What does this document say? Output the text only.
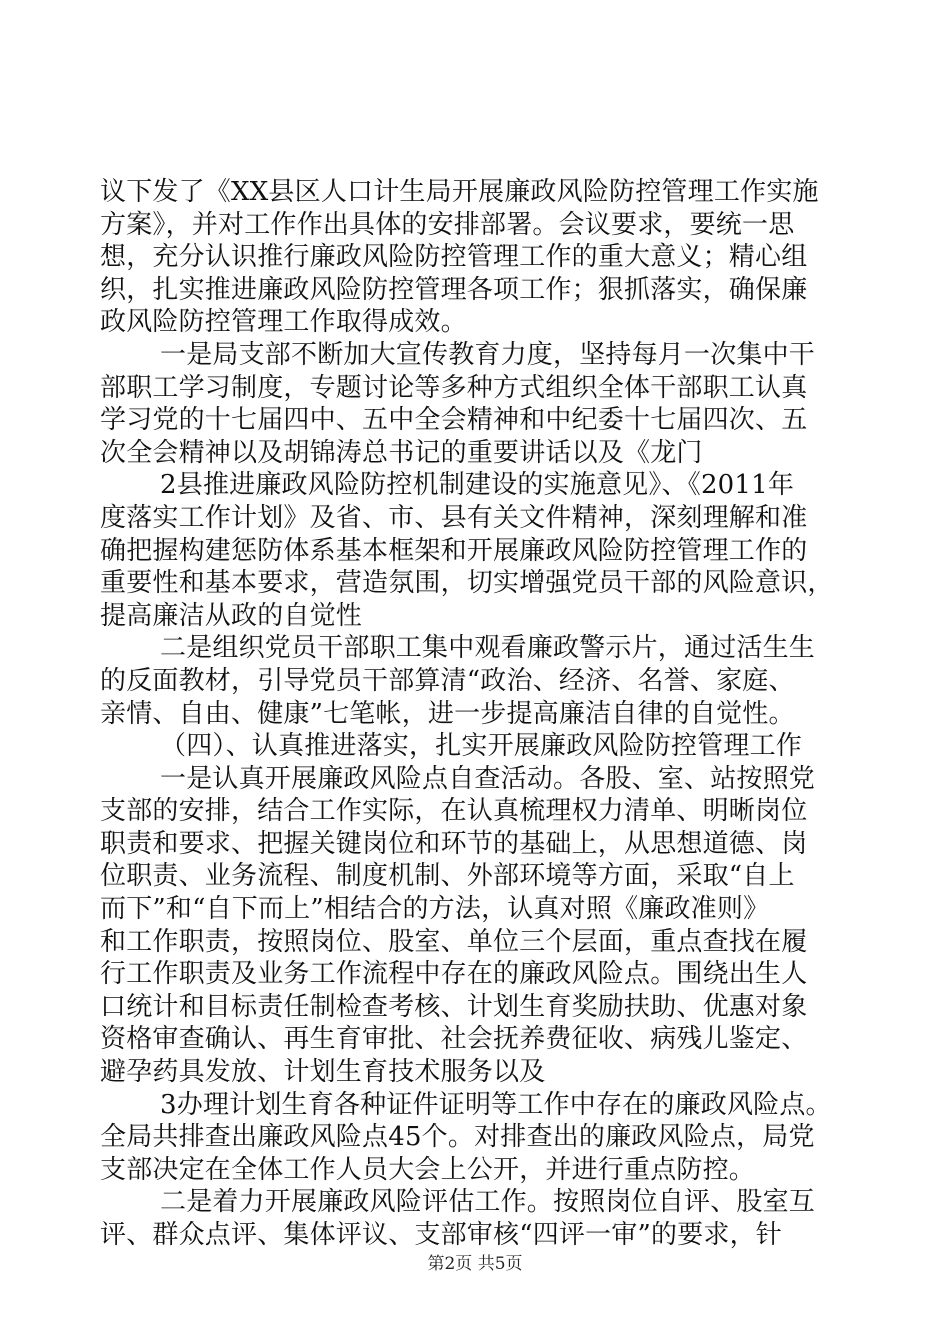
议下发了《XX县区人口计生局开展廉政风险防控管理工作实施
方案》，并对工作作出具体的安排部署。会议要求，要统一思
想，充分认识推行廉政风险防控管理工作的重大意义；精心组
织，扎实推进廉政风险防控管理各项工作；狠抓落实，确保廉
政风险防控管理工作取得成效。
一是局支部不断加大宣传教育力度，坚持每月一次集中干
部职工学习制度，专题讨论等多种方式组织全体干部职工认真
学习党的十七届四中、五中全会精神和中纪委十七届四次、五
次全会精神以及胡锦涛总书记的重要讲话以及《龙门
2县推进廉政风险防控机制建设的实施意见》、《2011年
度落实工作计划》及省、市、县有关文件精神，深刻理解和准
确把握构建惩防体系基本框架和开展廉政风险防控管理工作的
重要性和基本要求，营造氛围，切实增强党员干部的风险意识，
提高廉洁从政的自觉性
二是组织党员干部职工集中观看廉政警示片，通过活生生
的反面教材，引导党员干部算清“政治、经济、名誉、家庭、
亲情、自由、健康”七笔帐，进一步提高廉洁自律的自觉性。
（四）、认真推进落实，扎实开展廉政风险防控管理工作
一是认真开展廉政风险点自查活动。各股、室、站按照党
支部的安排，结合工作实际，在认真梳理权力清单、明晰岗位
职责和要求、把握关键岗位和环节的基础上，从思想道德、岗
位职责、业务流程、制度机制、外部环境等方面，采取“自上
而下”和“自下而上”相结合的方法，认真对照《廉政准则》
和工作职责，按照岗位、股室、单位三个层面，重点查找在履
行工作职责及业务工作流程中存在的廉政风险点。围绕出生人
口统计和目标责任制检查考核、计划生育奖励扶助、优惠对象
资格审查确认、再生育审批、社会抚养费征收、病残儿鉴定、
避孕药具发放、计划生育技术服务以及
3办理计划生育各种证件证明等工作中存在的廉政风险点。
全局共排查出廉政风险点45个。对排查出的廉政风险点，局党
支部决定在全体工作人员大会上公开，并进行重点防控。
二是着力开展廉政风险评估工作。按照岗位自评、股室互
评、群众点评、集体评议、支部审核“四评一审”的要求，针
第2页 共5页
